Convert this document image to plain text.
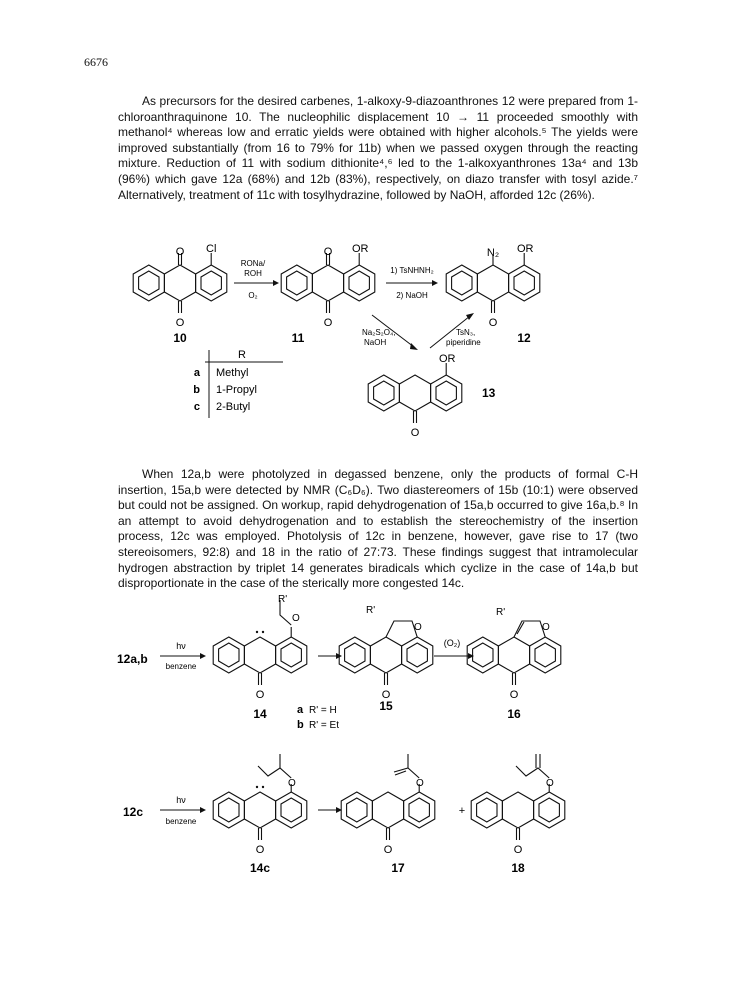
6676
As precursors for the desired carbenes, 1-alkoxy-9-diazoanthrones 12 were prepared from 1-chloroanthraquinone 10. The nucleophilic displacement 10 → 11 proceeded smoothly with methanol⁴ whereas low and erratic yields were obtained with higher alcohols.⁵ The yields were improved substantially (from 16 to 79% for 11b) when we passed oxygen through the reacting mixture. Reduction of 11 with sodium dithionite⁴,⁶ led to the 1-alkoxyanthrones 13a⁴ and 13b (96%) which gave 12a (68%) and 12b (83%), respectively, on diazo transfer with tosyl azide.⁷ Alternatively, treatment of 11c with tosylhydrazine, followed by NaOH, afforded 12c (26%).
When 12a,b were photolyzed in degassed benzene, only the products of formal C-H insertion, 15a,b were detected by NMR (C₆D₆). Two diastereomers of 15b (10:1) were observed but could not be assigned. On workup, rapid dehydrogenation of 15a,b occurred to give 16a,b.⁸ In an attempt to avoid dehydrogenation and to establish the stereochemistry of the insertion process, 12c was employed. Photolysis of 12c in benzene, however, gave rise to 17 (two stereoisomers, 92:8) and 18 in the ratio of 27:73. These findings suggest that intramolecular hydrogen abstraction by triplet 14 generates biradicals which cyclize in the case of 14a,b but disproportionate in the case of the sterically more congested 14c.
O
O
Cl
10
RONa/
ROH
O₂
O
O
OR
11
1) TsNHNH₂
2) NaOH
N₂
O
OR
12
Na₂S₂O₄,
NaOH
TsN₃,
piperidine
R
a Methyl
b 1-Propyl
c 2-Butyl
OR
O
13
12a,b
hν
benzene
R'
O
O
14	a R' = H
b R' = Et
R'
O
O
15
(O₂)
R'
O
O
16
12c
hν
benzene
O
O
14c
O
O
17
+
O
O
18
